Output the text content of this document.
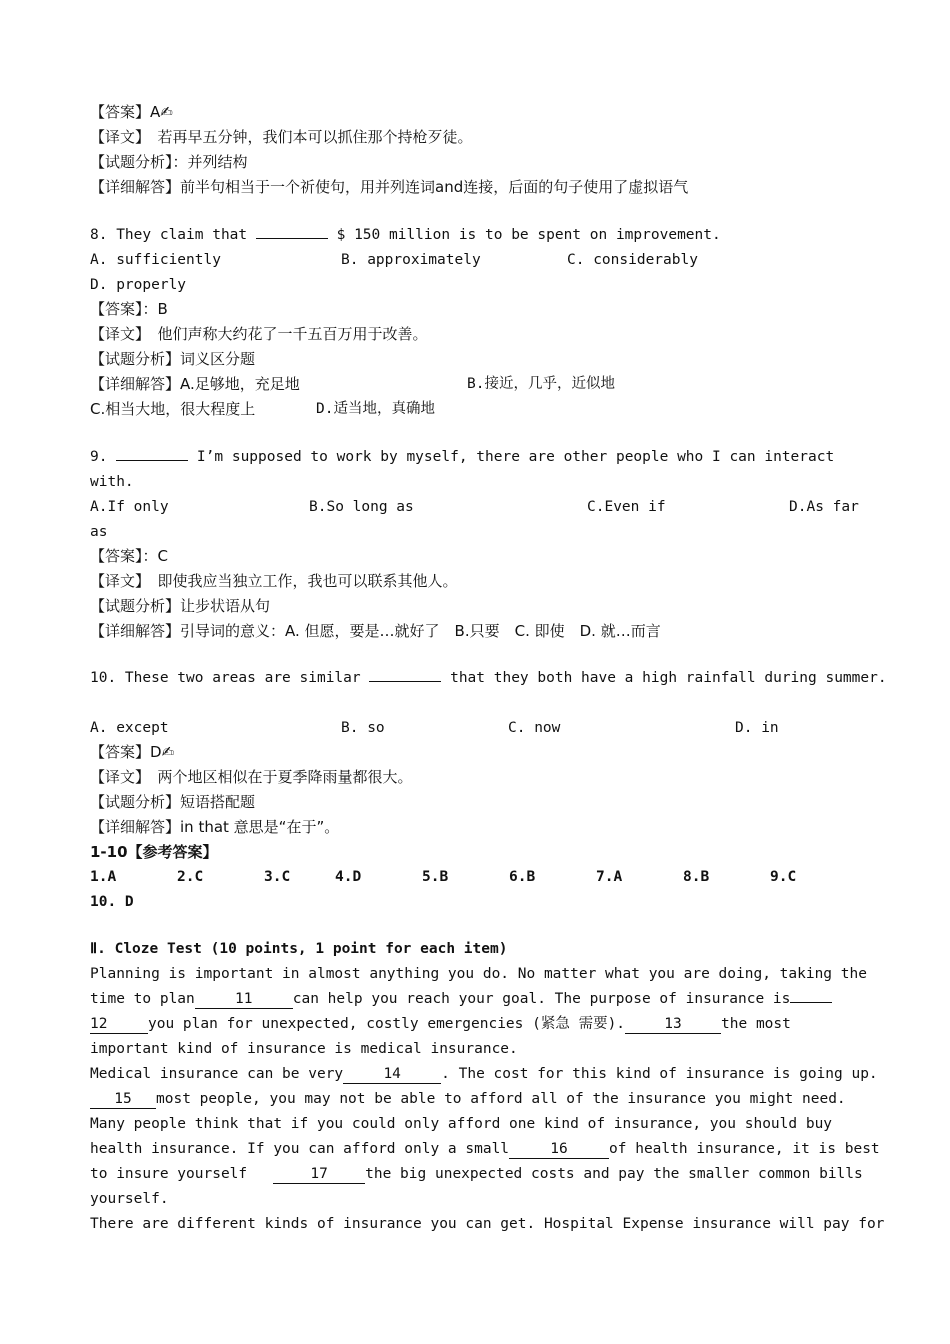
【答案】A✍
【译文】　若再早五分钟，我们本可以抓住那个持枪歹徒。
【试题分析】：并列结构
【详细解答】前半句相当于一个祈使句，用并列连词and连接，后面的句子使用了虚拟语气
8. They claim that	$ 150 million is to be spent on improvement.
A. sufficiently	B. approximately	C. considerably
D. properly
【答案】：B
【译文】　他们声称大约花了一千五百万用于改善。
【试题分析】词义区分题
【详细解答】A.足够地，充足地	B.接近，几乎，近似地
C.相当大地，很大程度上	D.适当地，真确地
9.	I’m supposed to work by myself, there are other people who I can interact
with.
A.If only	B.So long as	C.Even if	D.As far
as
【答案】：C
【译文】　即使我应当独立工作，我也可以联系其他人。
【试题分析】让步状语从句
【详细解答】引导词的意义：A. 但愿，要是…就好了　B.只要　C. 即使　D. 就…而言
10. These two areas are similar	that they both have a high rainfall during summer.
A. except	B. so	C. now	D. in
【答案】D✍
【译文】　两个地区相似在于夏季降雨量都很大。
【试题分析】短语搭配题
【详细解答】in that 意思是“在于”。
1-10【参考答案】
1.A	2.C	3.C	4.D	5.B	6.B	7.A	8.B	9.C
10. D
Ⅱ. Cloze Test (10 points, 1 point for each item)
Planning is important in almost anything you do. No matter what you are doing, taking the
time to plan	11	can help you reach your goal. The purpose of insurance is
12	you plan for unexpected, costly emergencies (紧急 需要).	13	the most
important kind of insurance is medical insurance.
Medical insurance can be very	14	. The cost for this kind of insurance is going up.
15 most people, you may not be able to afford all of the insurance you might need.
Many people think that if you could only afford one kind of insurance, you should buy
health insurance. If you can afford only a small	16	of health insurance, it is best
to insure yourself	17	the big unexpected costs and pay the smaller common bills
yourself.
There are different kinds of insurance you can get. Hospital Expense insurance will pay for
